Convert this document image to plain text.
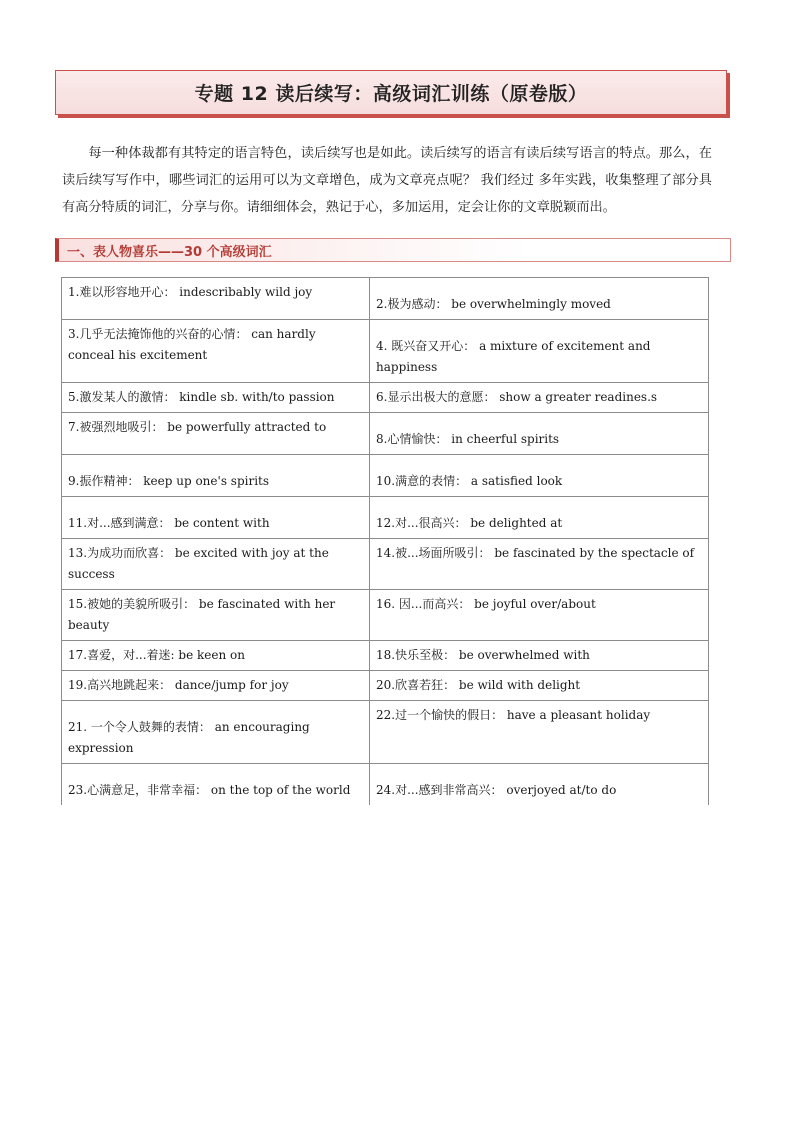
专题 12 读后续写：高级词汇训练（原卷版）

每一种体裁都有其特定的语言特色，读后续写也是如此。读后续写的语言有读后续写语言的特点。那么，在读后续写写作中，哪些词汇的运用可以为文章增色，成为文章亮点呢？ 我们经过 多年实践，收集整理了部分具有高分特质的词汇，分享与你。请细细体会，熟记于心，多加运用，定会让你的文章脱颖而出。

一、表人物喜乐——30 个高级词汇
1.难以形容地开心： indescribably wild joy	2.极为感动： be overwhelmingly moved
3.几乎无法掩饰他的兴奋的心情： can hardly conceal his excitement	4. 既兴奋又开心： a mixture of excitement and happiness
5.激发某人的激情： kindle sb. with/to passion	6.显示出极大的意愿： show a greater readines.s
7.被强烈地吸引： be powerfully attracted to	8.心情愉快： in cheerful spirits
9.振作精神： keep up one's spirits	10.满意的表情： a satisfied look
11.对...感到满意： be content with	12.对...很高兴： be delighted at
13.为成功而欣喜： be excited with joy at the success	14.被...场面所吸引： be fascinated by the spectacle of
15.被她的美貌所吸引： be fascinated with her beauty	16. 因...而高兴： be joyful over/about
17.喜爱，对...着迷: be keen on	18.快乐至极： be overwhelmed with
19.高兴地跳起来： dance/jump for joy	20.欣喜若狂： be wild with delight
21. 一个令人鼓舞的表情： an encouraging expression	22.过一个愉快的假日： have a pleasant holiday
23.心满意足，非常幸福： on the top of the world	24.对...感到非常高兴： overjoyed at/to do
